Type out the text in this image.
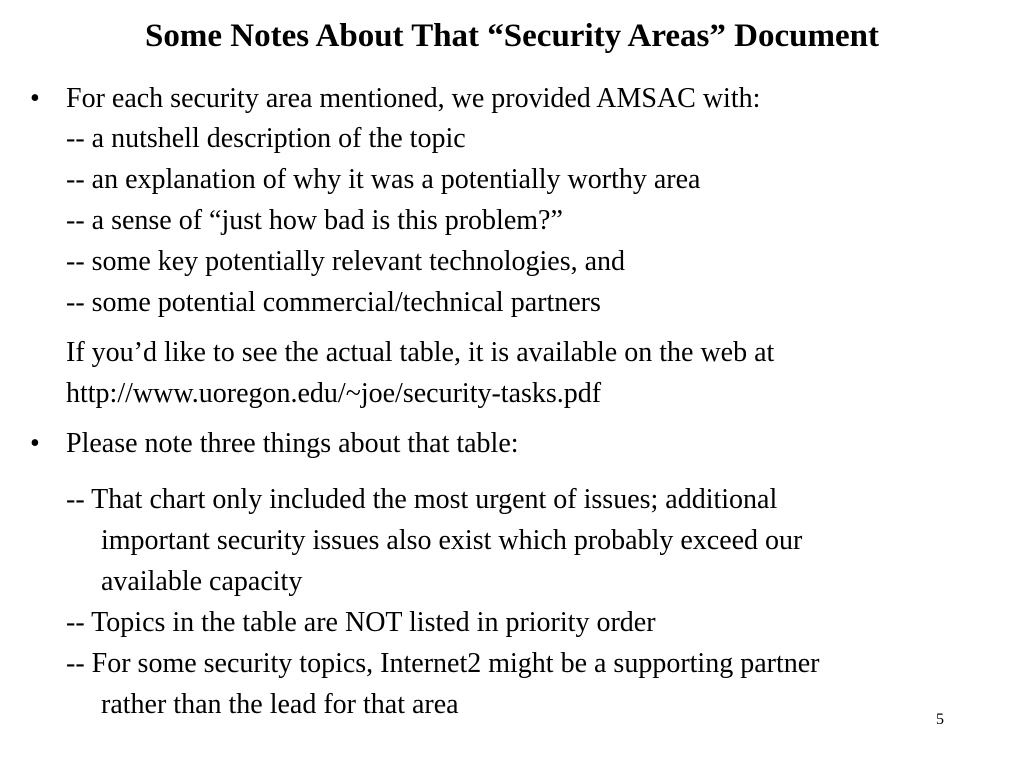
Some Notes About That “Security Areas” Document
• For each security area mentioned, we provided AMSAC with:
-- a nutshell description of the topic
-- an explanation of why it was a potentially worthy area
-- a sense of “just how bad is this problem?”
-- some key potentially relevant technologies, and
-- some potential commercial/technical partners
If you’d like to see the actual table, it is available on the web at
http://www.uoregon.edu/~joe/security-tasks.pdf
• Please note three things about that table:
-- That chart only included the most urgent of issues; additional
important security issues also exist which probably exceed our
available capacity
-- Topics in the table are NOT listed in priority order
-- For some security topics, Internet2 might be a supporting partner
rather than the lead for that area	5
